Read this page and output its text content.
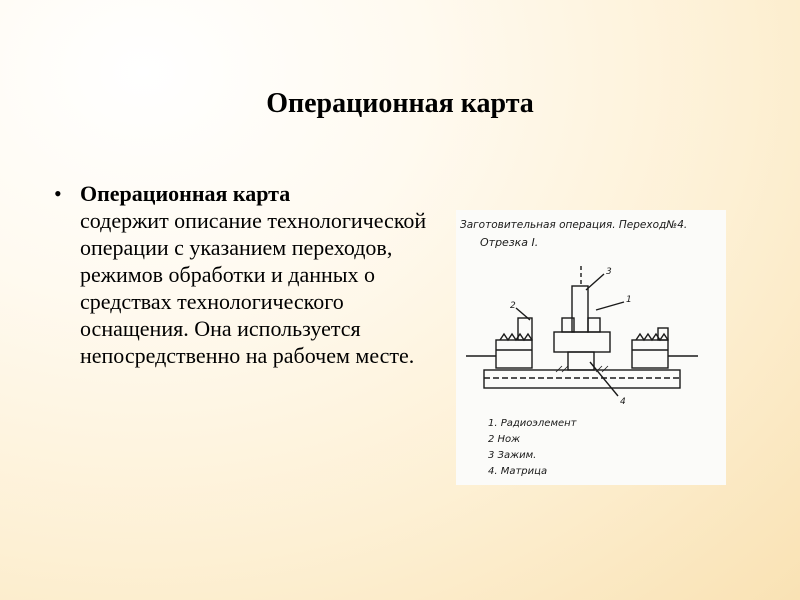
Операционная карта
• Операционная карта
содержит описание технологической операции с указанием переходов, режимов обработки и данных о средствах технологического оснащения. Она используется непосредственно на рабочем месте.
Заготовительная операция. Переход№4.
Отрезка I.
3
1
2
4
1. Радиоэлемент
2 Нож
3 Зажим.
4. Матрица
